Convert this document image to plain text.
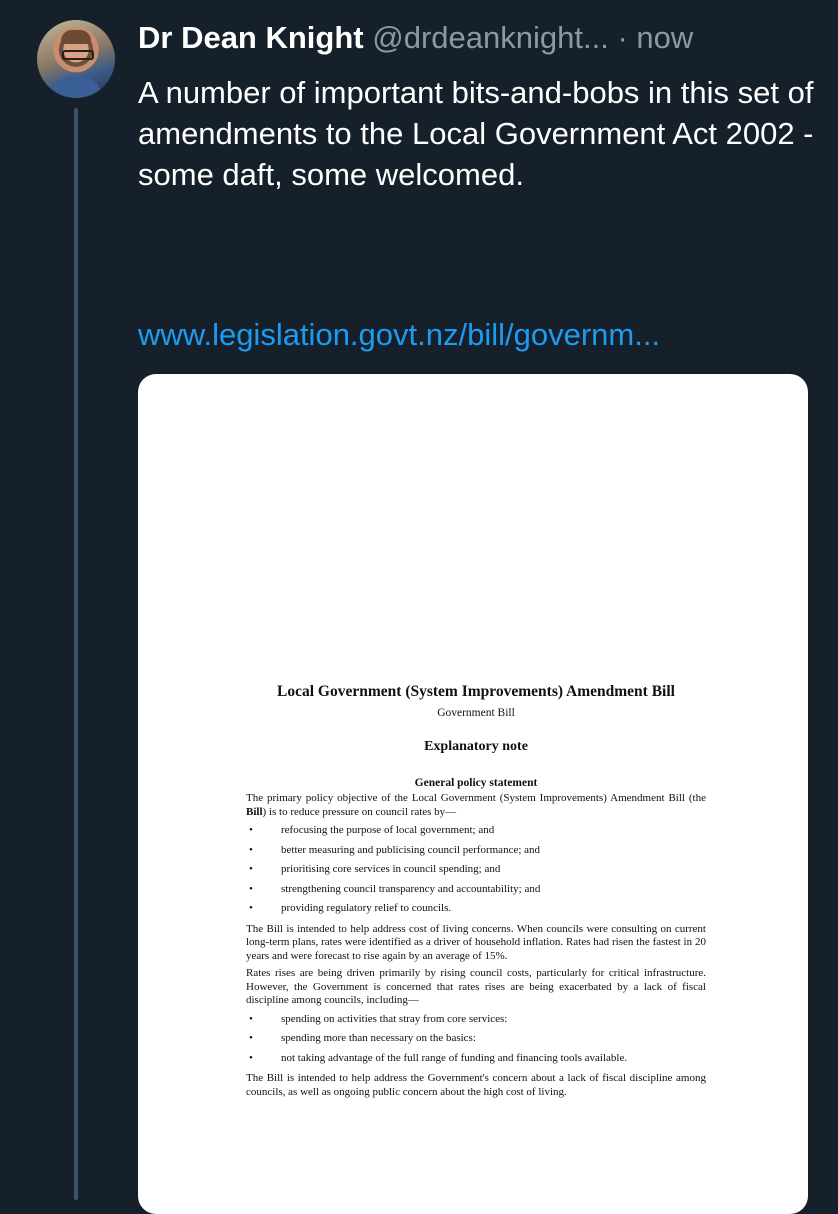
Dr Dean Knight @drdeanknight... · now
A number of important bits-and-bobs in this set of amendments to the Local Government Act 2002 - some daft, some welcomed.
www.legislation.govt.nz/bill/governm...
Local Government (System Improvements) Amendment Bill
Government Bill
Explanatory note
General policy statement

The primary policy objective of the Local Government (System Improvements) Amendment Bill (the Bill) is to reduce pressure on council rates by—

•	refocusing the purpose of local government; and
•	better measuring and publicising council performance; and
•	prioritising core services in council spending; and
•	strengthening council transparency and accountability; and
•	providing regulatory relief to councils.

The Bill is intended to help address cost of living concerns. When councils were consulting on current long-term plans, rates were identified as a driver of household inflation. Rates had risen the fastest in 20 years and were forecast to rise again by an average of 15%.

Rates rises are being driven primarily by rising council costs, particularly for critical infrastructure. However, the Government is concerned that rates rises are being exacerbated by a lack of fiscal discipline among councils, including—

•	spending on activities that stray from core services:
•	spending more than necessary on the basics:
•	not taking advantage of the full range of funding and financing tools available.

The Bill is intended to help address the Government's concern about a lack of fiscal discipline among councils, as well as ongoing public concern about the high cost of living.
